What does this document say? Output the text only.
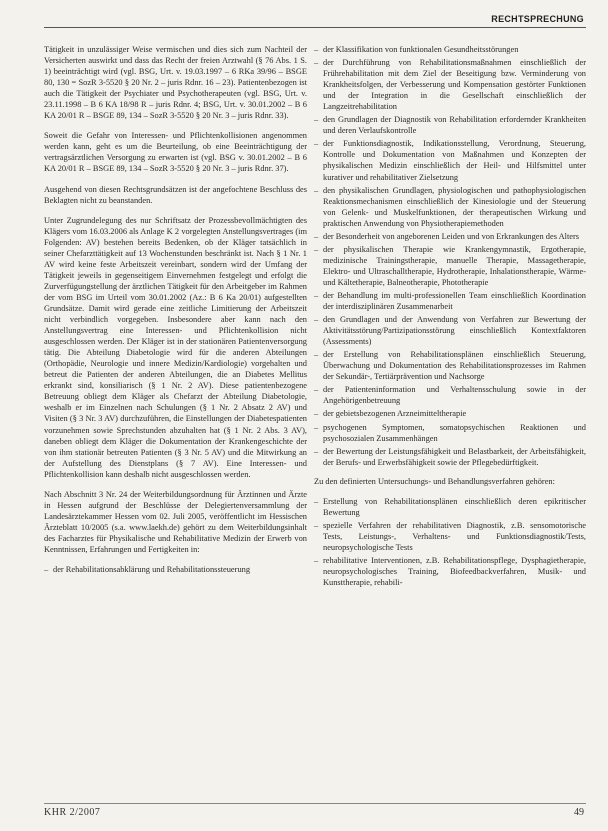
RECHTSPRECHUNG

Tätigkeit in unzulässiger Weise vermischen und dies sich zum Nachteil der Versicherten auswirkt und dass das Recht der freien Arztwahl (§ 76 Abs. 1 S. 1) beeinträchtigt wird (vgl. BSG, Urt. v. 19.03.1997 – 6 RKa 39/96 – BSGE 80, 130 = SozR 3-5520 § 20 Nr. 2 – juris Rdnr. 16 – 23). Patientenbezogen ist auch die Tätigkeit der Psychiater und Psychotherapeuten (vgl. BSG, Urt. v. 23.11.1998 – B 6 KA 18/98 R – juris Rdnr. 4; BSG, Urt. v. 30.01.2002 – B 6 KA 20/01 R – BSGE 89, 134 – SozR 3-5520 § 20 Nr. 3 – juris Rdnr. 33).

Soweit die Gefahr von Interessen- und Pflichtenkollisionen angenommen werden kann, geht es um die Beurteilung, ob eine Beeinträchtigung der vertragsärztlichen Versorgung zu erwarten ist (vgl. BSG v. 30.01.2002 – B 6 KA 20/01 R – BSGE 89, 134 – SozR 3-5520 § 20 Nr. 3 – juris Rdnr. 37).

Ausgehend von diesen Rechtsgrundsätzen ist der angefochtene Beschluss des Beklagten nicht zu beanstanden.

Unter Zugrundelegung des nur Schriftsatz der Prozessbevollmächtigten des Klägers vom 16.03.2006 als Anlage K 2 vorgelegten Anstellungsvertrages (im Folgenden: AV) bestehen bereits Bedenken, ob der Kläger tatsächlich in seiner Chefarzttätigkeit auf 13 Wochenstunden beschränkt ist. Nach § 1 Nr. 1 AV wird keine feste Arbeitszeit vereinbart, sondern wird der Umfang der Tätigkeit jeweils in gegenseitigem Einvernehmen festgelegt und erfolgt die Zurverfügungstellung der ärztlichen Tätigkeit für den Arbeitgeber im Rahmen der vom BSG im Urteil vom 30.01.2002 (Az.: B 6 Ka 20/01) aufgestellten Grundsätze. Damit wird gerade eine zeitliche Limitierung der Arbeitszeit nicht verbindlich vorgegeben. Insbesondere aber kann nach den Anstellungsvertrag eine Interessen- und Pflichtenkollision nicht ausgeschlossen werden. Der Kläger ist in der stationären Patientenversorgung tätig. Die Abteilung Diabetologie wird für die anderen Abteilungen (Orthopädie, Neurologie und innere Medizin/Kardiologie) vorgehalten und betreut die Patienten der anderen Abteilungen, die an Diabetes Mellitus erkrankt sind, konsiliarisch (§ 1 Nr. 2 AV). Diese patientenbezogene Betreuung obliegt dem Kläger als Chefarzt der Abteilung Diabetologie, weshalb er im Einzelnen nach Schulungen (§ 1 Nr. 2 Absatz 2 AV) und Visiten (§ 3 Nr. 3 AV) durchzuführen, die Einstellungen der Diabetespatienten vorzunehmen sowie Sprechstunden abzuhalten hat (§ 1 Nr. 2 Abs. 3 AV), daneben obliegt dem Kläger die Dokumentation der Krankengeschichte der von ihm stationär betreuten Patienten (§ 3 Nr. 5 AV) und die Mitwirkung an der Aufstellung des Dienstplans (§ 7 AV). Eine Interessen- und Pflichtenkollision kann deshalb nicht ausgeschlossen werden.

Nach Abschnitt 3 Nr. 24 der Weiterbildungsordnung für Ärztinnen und Ärzte in Hessen aufgrund der Beschlüsse der Delegiertenversammlung der Landesärztekammer Hessen vom 02. Juli 2005, veröffentlicht im Hessischen Ärzteblatt 10/2005 (s.a. www.laekh.de) gehört zu dem Weiterbildungsinhalt des Facharztes für Physikalische und Rehabilitative Medizin der Erwerb von Kenntnissen, Erfahrungen und Fertigkeiten in:

– der Rehabilitationsabklärung und Rehabilitationssteuerung
– der Klassifikation von funktionalen Gesundheitsstörungen
– der Durchführung von Rehabilitationsmaßnahmen einschließlich der Frührehabilitation mit dem Ziel der Beseitigung bzw. Verminderung von Krankheitsfolgen, der Verbesserung und Kompensation gestörter Funktionen und der Integration in die Gesellschaft einschließlich der Langzeitrehabilitation
– den Grundlagen der Diagnostik von Rehabilitation erfordernder Krankheiten und deren Verlaufskontrolle
– der Funktionsdiagnostik, Indikationsstellung, Verordnung, Steuerung, Kontrolle und Dokumentation von Maßnahmen und Konzepten der physikalischen Medizin einschließlich der Heil- und Hilfsmittel unter kurativer und rehabilitativer Zielsetzung
– den physikalischen Grundlagen, physiologischen und pathophysiologischen Reaktionsmechanismen einschließlich der Kinesiologie und der Steuerung von Gelenk- und Muskelfunktionen, der therapeutischen Wirkung und praktischen Anwendung von Physiotherapiemethoden
– der Besonderheit von angeborenen Leiden und von Erkrankungen des Alters
– der physikalischen Therapie wie Krankengymnastik, Ergotherapie, medizinische Trainingstherapie, manuelle Therapie, Massagetherapie, Elektro- und Ultraschalltherapie, Hydrotherapie, Inhalationstherapie, Wärme- und Kältetherapie, Balneotherapie, Phototherapie
– der Behandlung im multi-professionellen Team einschließlich Koordination der interdisziplinären Zusammenarbeit
– den Grundlagen und der Anwendung von Verfahren zur Bewertung der Aktivitätsstörung/Partizipationsstörung einschließlich Kontextfaktoren (Assessments)
– der Erstellung von Rehabilitationsplänen einschließlich Steuerung, Überwachung und Dokumentation des Rehabilitationsprozesses im Rahmen der Sekundär-, Tertiärprävention und Nachsorge
– der Patienteninformation und Verhaltensschulung sowie in der Angehörigenbetreuung
– der gebietsbezogenen Arzneimitteltherapie
– psychogenen Symptomen, somatopsychischen Reaktionen und psychosozialen Zusammenhängen
– der Bewertung der Leistungsfähigkeit und Belastbarkeit, der Arbeitsfähigkeit, der Berufs- und Erwerbsfähigkeit sowie der Pflegebedürftigkeit.

Zu den definierten Untersuchungs- und Behandlungsverfahren gehören:

– Erstellung von Rehabilitationsplänen einschließlich deren epikritischer Bewertung
– spezielle Verfahren der rehabilitativen Diagnostik, z.B. sensomotorische Tests, Leistungs-, Verhaltens- und Funktionsdiagnostik/Tests, neuropsychologische Tests
– rehabilitative Interventionen, z.B. Rehabilitationspflege, Dysphagietherapie, neuropsychologisches Training, Biofeedbackverfahren, Musik- und Kunsttherapie, rehabili-
KHR 2/2007	49
